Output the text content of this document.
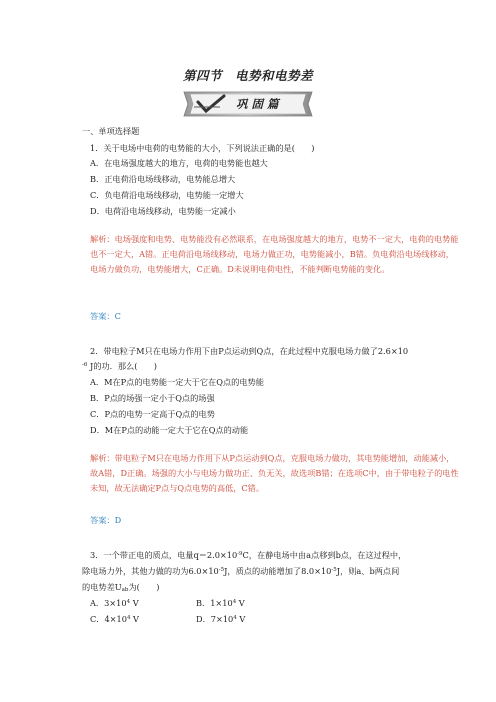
第四节　电势和电势差
巩 固 篇
一、单项选择题
1．关于电场中电荷的电势能的大小，下列说法正确的是(　　)
A．在电场强度越大的地方，电荷的电势能也越大
B．正电荷沿电场线移动，电势能总增大
C．负电荷沿电场线移动，电势能一定增大
D．电荷沿电场线移动，电势能一定减小
解析：电场强度和电势、电势能没有必然联系，在电场强度越大的地方，电势不一定大，电荷的电势能也不一定大，A错。正电荷沿电场线移动，电场力做正功，电势能减小，B错。负电荷沿电场线移动，电场力做负功，电势能增大，C正确。D未说明电荷电性，不能判断电势能的变化。
答案：C
2．带电粒子M只在电场力作用下由P点运动到Q点，在此过程中克服电场力做了2.6×10
$^{-6}$ J的功．那么(　　)
A．M在P点的电势能一定大于它在Q点的电势能
B．P点的场强一定小于Q点的场强
C．P点的电势一定高于Q点的电势
D．M在P点的动能一定大于它在Q点的动能
解析：带电粒子M只在电场力作用下从P点运动到Q点，克服电场力做功，其电势能增加，动能减小，故A错，D正确。场强的大小与电场力做功正、负无关，故选项B错；在选项C中，由于带电粒子的电性未知，故无法确定P点与Q点电势的高低，C错。
答案：D
3．一个带正电的质点，电量$q=2.0\times 10^{-9}C$，在静电场中由a点移到b点，在这过程中，
除电场力外，其他力做的功为$6.0\times 10^{-5}J$，质点的动能增加了$8.0\times 10^{-5}J$，则a、b两点间
的电势差$U_{ab}$为(　　)
A．$3\times 10^4$ V	B．$1\times 10^4$ V
C．$4\times 10^4$ V	D．$7\times 10^4$ V
